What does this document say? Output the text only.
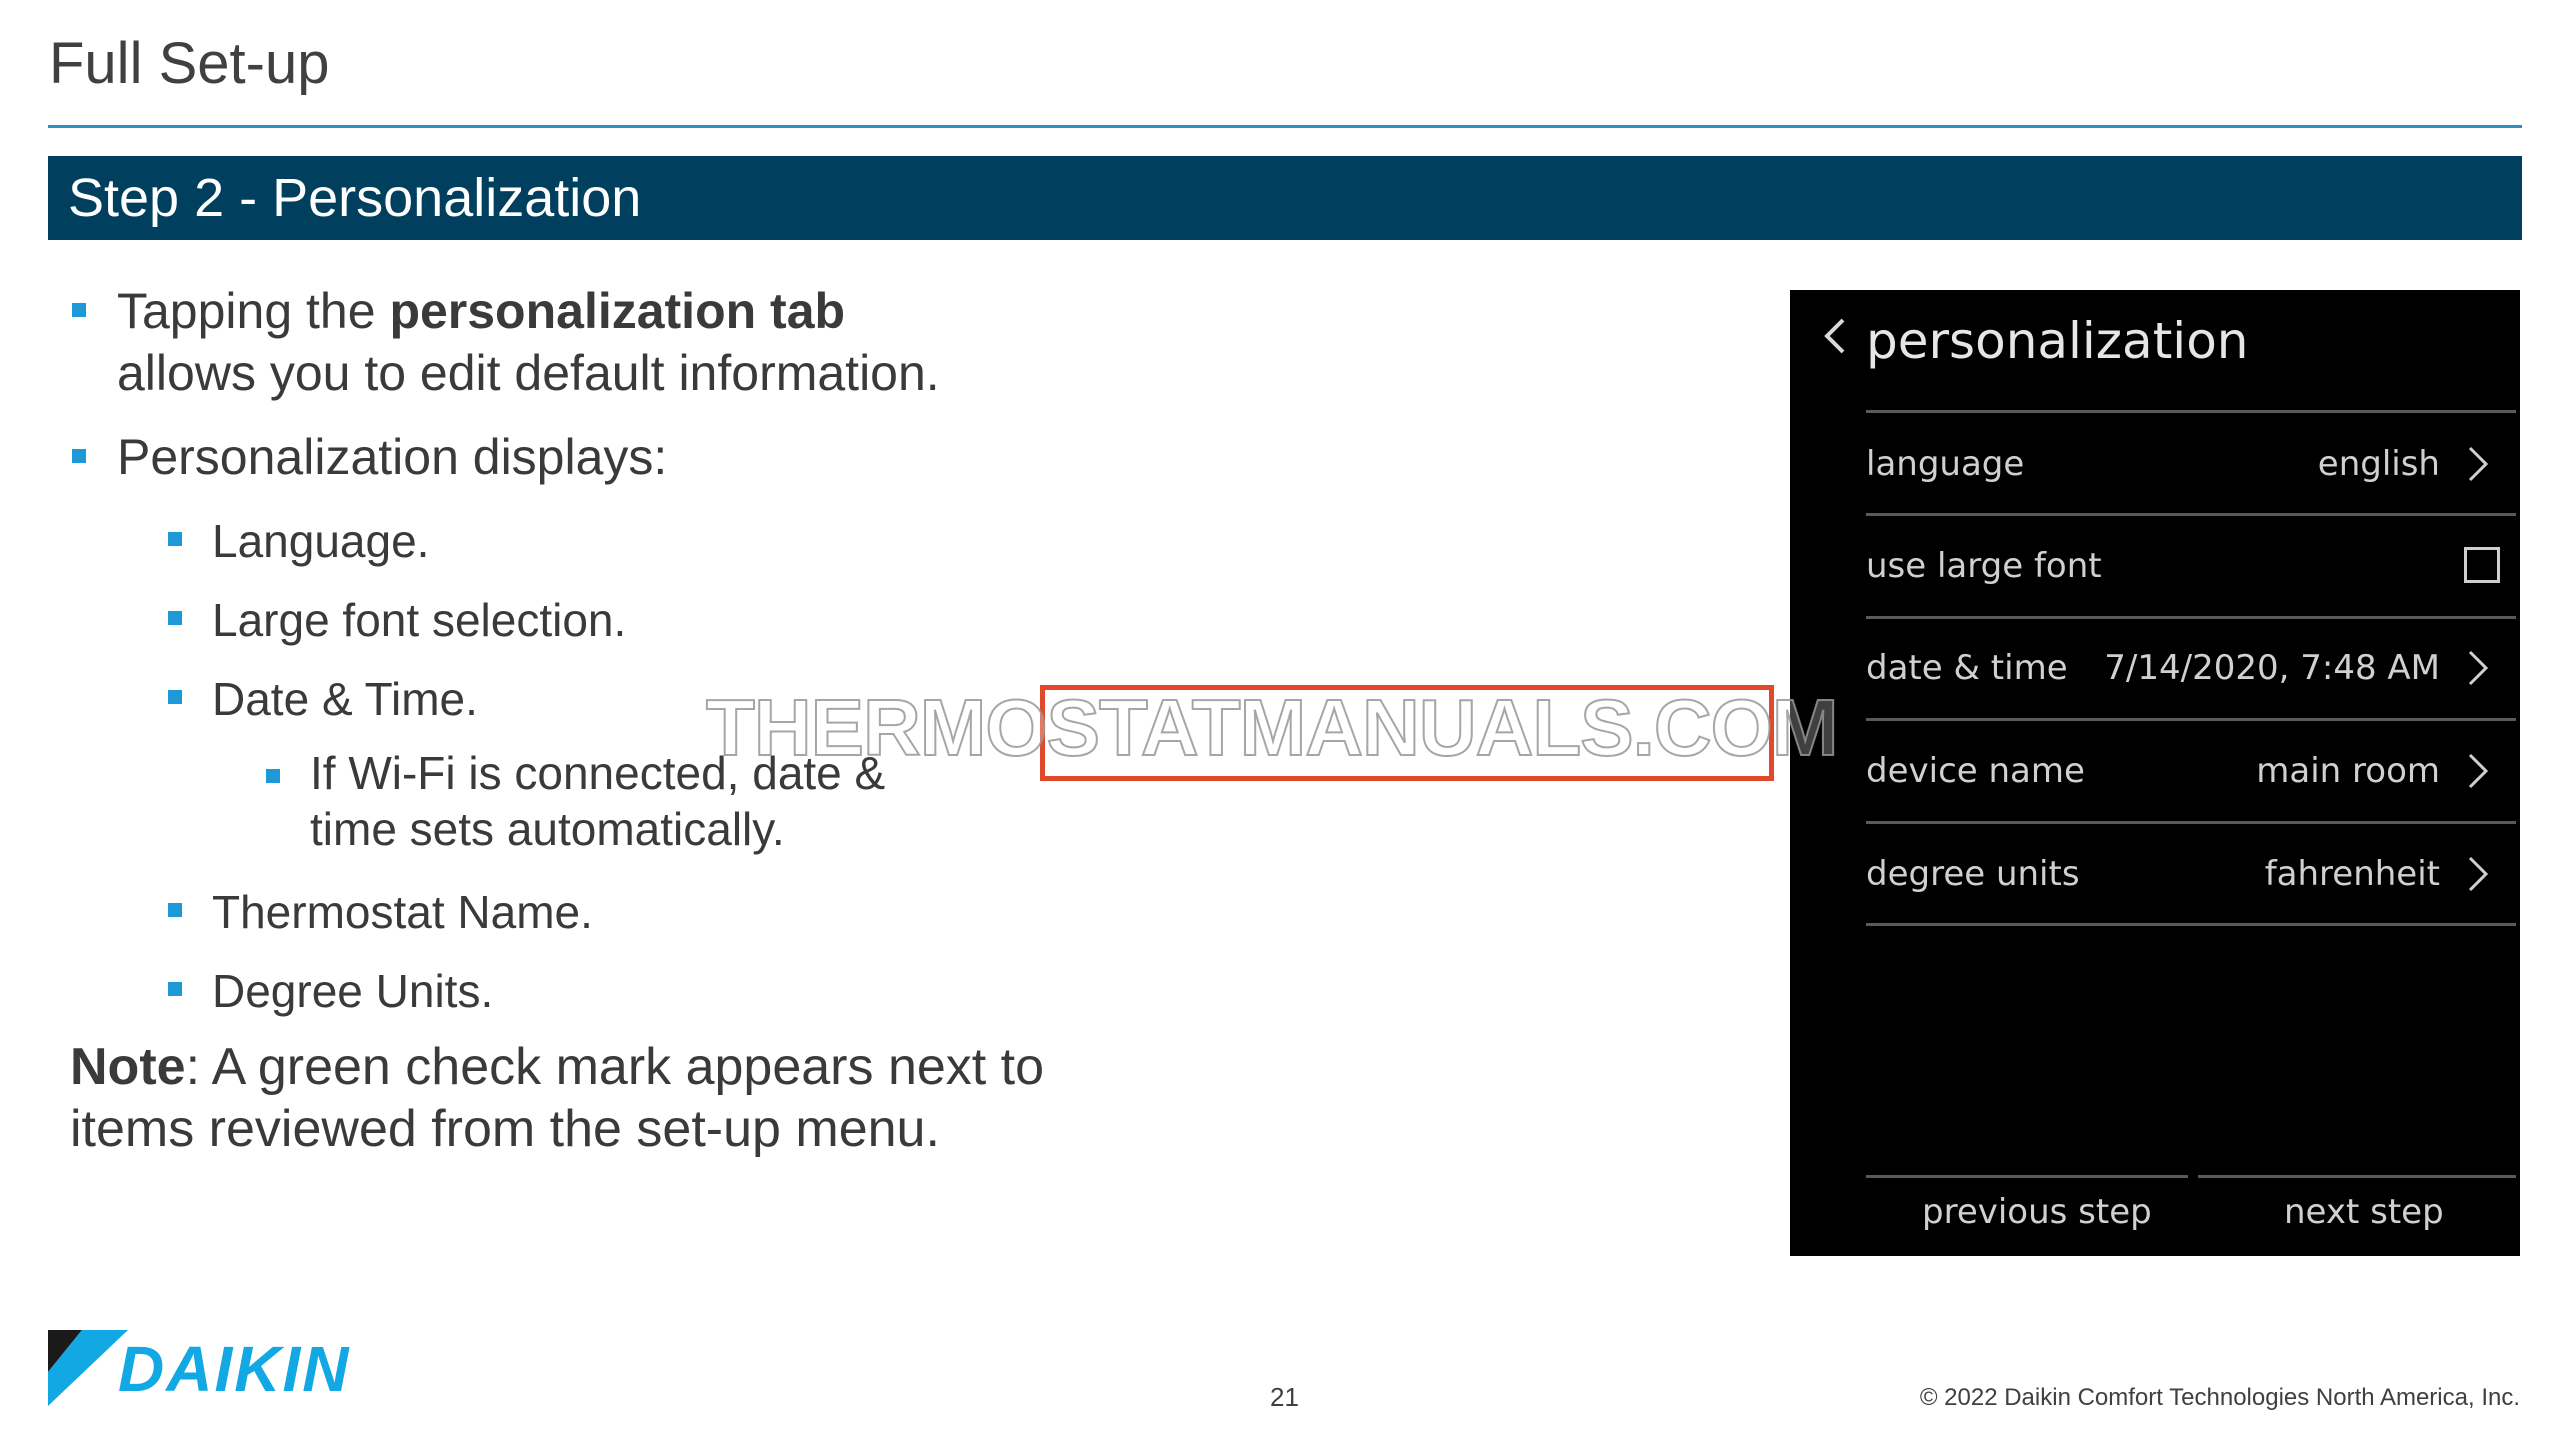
Full Set-up
Step 2 - Personalization
Tapping the personalization tab
allows you to edit default information.
Personalization displays:
Language.
Large font selection.
Date & Time.
If Wi-Fi is connected, date &
time sets automatically.
Thermostat Name.
Degree Units.
Note: A green check mark appears next to items reviewed from the set-up menu.
personalization
language	english
use large font
date & time 7/14/2020, 7:48 AM
device name	main room
degree units	fahrenheit
previous step	next step
THERMOSTATMANUALS.COM
DAIKIN	21	© 2022 Daikin Comfort Technologies North America, Inc.
